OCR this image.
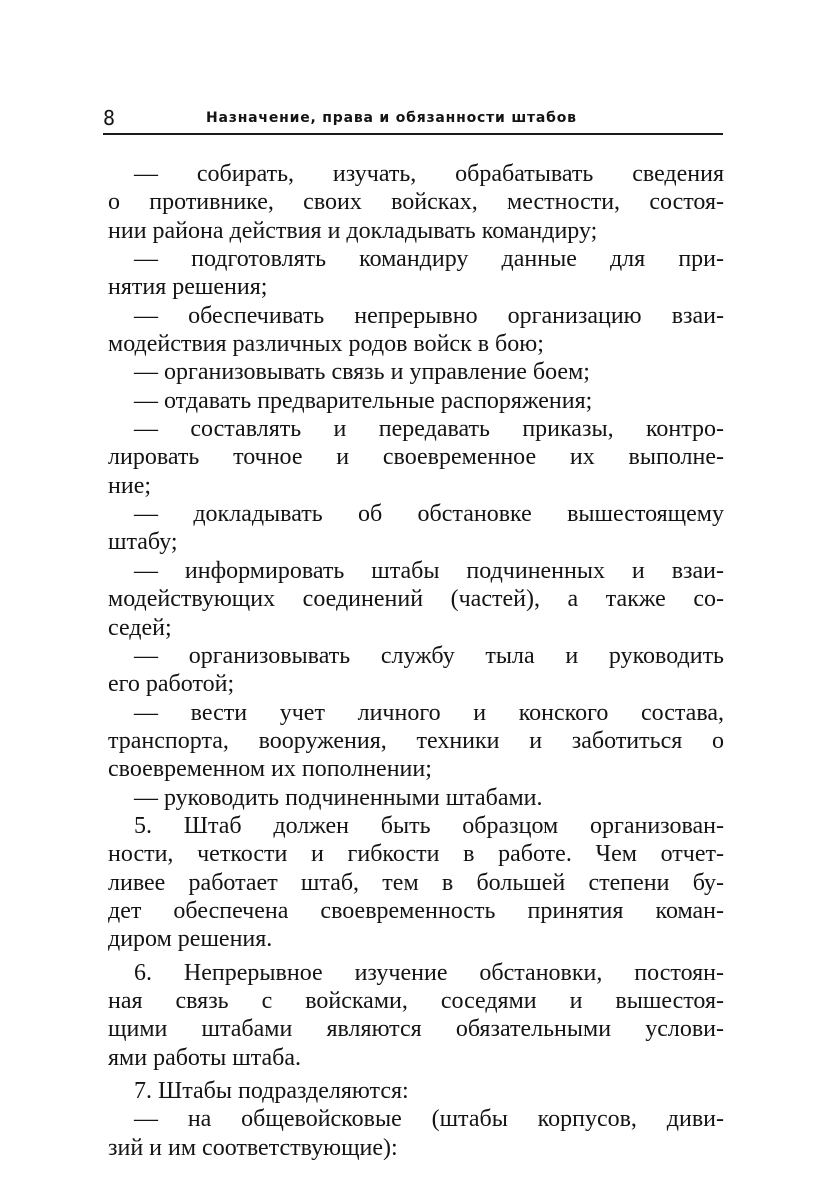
8	Назначение, права и обязанности штабов
— собирать, изучать, обрабатывать сведения
о противнике, своих войсках, местности, состоя-
нии района действия и докладывать командиру;
— подготовлять командиру данные для при-
нятия решения;
— обеспечивать непрерывно организацию взаи-
модействия различных родов войск в бою;
— организовывать связь и управление боем;
— отдавать предварительные распоряжения;
— составлять и передавать приказы, контро-
лировать точное и своевременное их выполне-
ние;
— докладывать об обстановке вышестоящему
штабу;
— информировать штабы подчиненных и взаи-
модействующих соединений (частей), а также со-
седей;
— организовывать службу тыла и руководить
его работой;
— вести учет личного и конского состава,
транспорта, вооружения, техники и заботиться о
своевременном их пополнении;
— руководить подчиненными штабами.
5. Штаб должен быть образцом организован-
ности, четкости и гибкости в работе. Чем отчет-
ливее работает штаб, тем в большей степени бу-
дет обеспечена своевременность принятия коман-
диром решения.
6. Непрерывное изучение обстановки, постоян-
ная связь с войсками, соседями и вышестоя-
щими штабами являются обязательными услови-
ями работы штаба.
7. Штабы подразделяются:
— на общевойсковые (штабы корпусов, диви-
зий и им соответствующие):
